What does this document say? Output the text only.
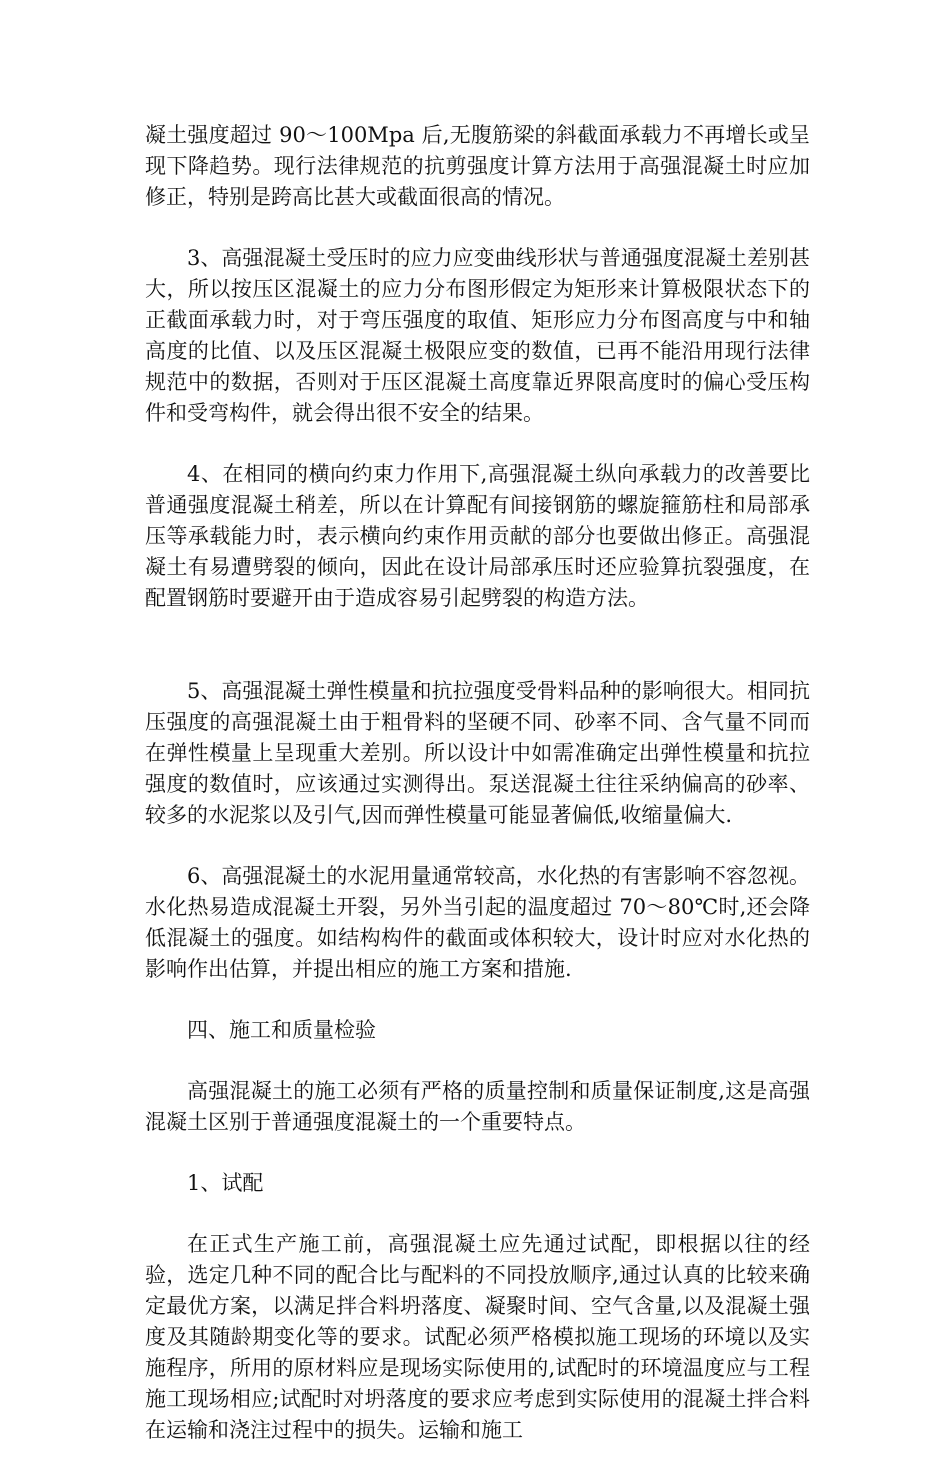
凝土强度超过 90～100Mpa 后,无腹筋梁的斜截面承载力不再增长或呈现下降趋势。现行法律规范的抗剪强度计算方法用于高强混凝土时应加修正，特别是跨高比甚大或截面很高的情况。

3、高强混凝土受压时的应力应变曲线形状与普通强度混凝土差别甚大，所以按压区混凝土的应力分布图形假定为矩形来计算极限状态下的正截面承载力时，对于弯压强度的取值、矩形应力分布图高度与中和轴高度的比值、以及压区混凝土极限应变的数值，已再不能沿用现行法律规范中的数据，否则对于压区混凝土高度靠近界限高度时的偏心受压构件和受弯构件，就会得出很不安全的结果。

4、在相同的横向约束力作用下,高强混凝土纵向承载力的改善要比普通强度混凝土稍差，所以在计算配有间接钢筋的螺旋箍筋柱和局部承压等承载能力时，表示横向约束作用贡献的部分也要做出修正。高强混凝土有易遭劈裂的倾向，因此在设计局部承压时还应验算抗裂强度，在配置钢筋时要避开由于造成容易引起劈裂的构造方法。

5、高强混凝土弹性模量和抗拉强度受骨料品种的影响很大。相同抗压强度的高强混凝土由于粗骨料的坚硬不同、砂率不同、含气量不同而在弹性模量上呈现重大差别。所以设计中如需准确定出弹性模量和抗拉强度的数值时，应该通过实测得出。泵送混凝土往往采纳偏高的砂率、较多的水泥浆以及引气,因而弹性模量可能显著偏低,收缩量偏大.

6、高强混凝土的水泥用量通常较高，水化热的有害影响不容忽视。水化热易造成混凝土开裂，另外当引起的温度超过 70～80℃时,还会降低混凝土的强度。如结构构件的截面或体积较大，设计时应对水化热的影响作出估算，并提出相应的施工方案和措施.

四、施工和质量检验

高强混凝土的施工必须有严格的质量控制和质量保证制度,这是高强混凝土区别于普通强度混凝土的一个重要特点。

1、试配

在正式生产施工前，高强混凝土应先通过试配，即根据以往的经验，选定几种不同的配合比与配料的不同投放顺序,通过认真的比较来确定最优方案，以满足拌合料坍落度、凝聚时间、空气含量,以及混凝土强度及其随龄期变化等的要求。试配必须严格模拟施工现场的环境以及实施程序，所用的原材料应是现场实际使用的,试配时的环境温度应与工程施工现场相应;试配时对坍落度的要求应考虑到实际使用的混凝土拌合料在运输和浇注过程中的损失。运输和施工
